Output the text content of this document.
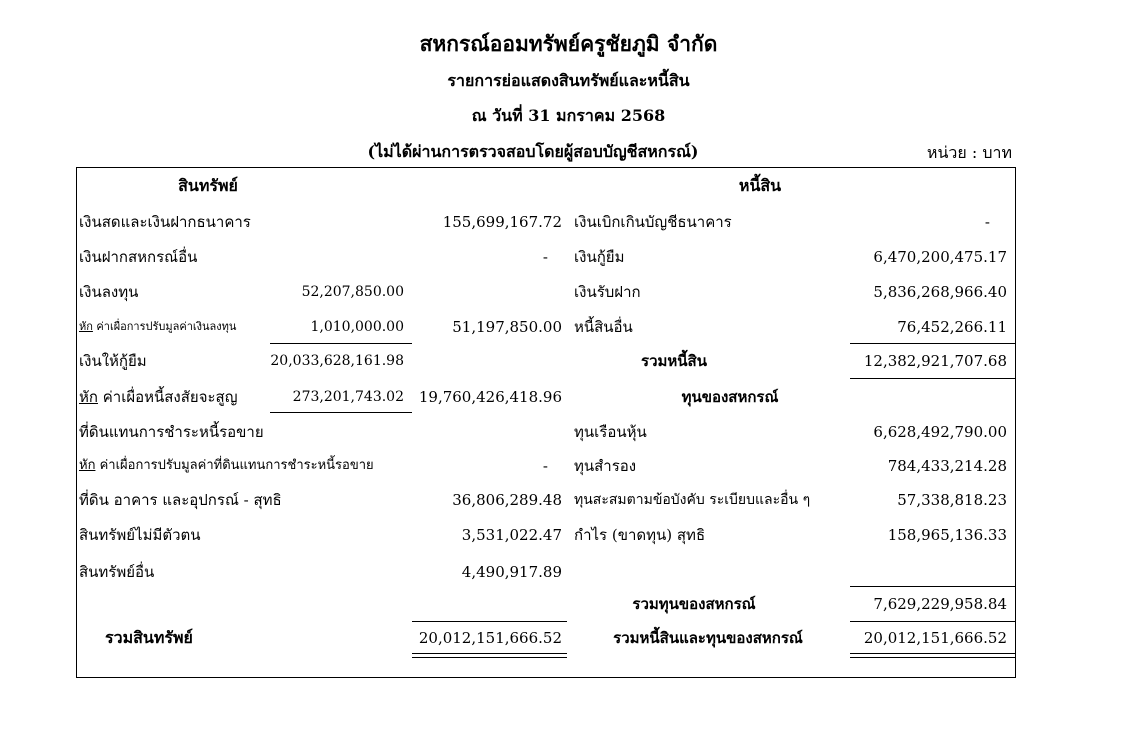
สหกรณ์ออมทรัพย์ครูชัยภูมิ จำกัด
รายการย่อแสดงสินทรัพย์และหนี้สิน
ณ วันที่ 31 มกราคม 2568
(ไม่ได้ผ่านการตรวจสอบโดยผู้สอบบัญชีสหกรณ์)	หน่วย : บาท
สินทรัพย์	หนี้สิน
เงินสดและเงินฝากธนาคาร	155,699,167.72 เงินเบิกเกินบัญชีธนาคาร	-
เงินฝากสหกรณ์อื่น	- เงินกู้ยืม	6,470,200,475.17
เงินลงทุน	52,207,850.00	เงินรับฝาก	5,836,268,966.40
หัก ค่าเผื่อการปรับมูลค่าเงินลงทุน	1,010,000.00	51,197,850.00 หนี้สินอื่น	76,452,266.11
เงินให้กู้ยืม	20,033,628,161.98	รวมหนี้สิน	12,382,921,707.68
หัก ค่าเผื่อหนี้สงสัยจะสูญ	273,201,743.02 19,760,426,418.96	ทุนของสหกรณ์
ที่ดินแทนการชำระหนี้รอขาย	ทุนเรือนหุ้น	6,628,492,790.00
หัก ค่าเผื่อการปรับมูลค่าที่ดินแทนการชำระหนี้รอขาย	- ทุนสำรอง	784,433,214.28
ที่ดิน อาคาร และอุปกรณ์ - สุทธิ	36,806,289.48 ทุนสะสมตามข้อบังคับ ระเบียบและอื่น ๆ	57,338,818.23
สินทรัพย์ไม่มีตัวตน	3,531,022.47 กำไร (ขาดทุน) สุทธิ	158,965,136.33
สินทรัพย์อื่น	4,490,917.89
รวมทุนของสหกรณ์	7,629,229,958.84
รวมสินทรัพย์	20,012,151,666.52	รวมหนี้สินและทุนของสหกรณ์	20,012,151,666.52
